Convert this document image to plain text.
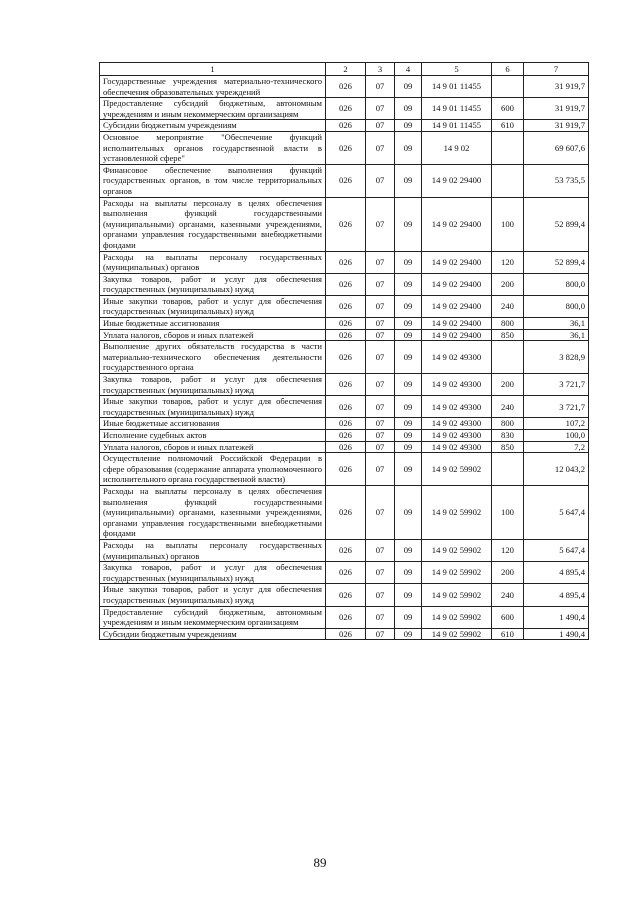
1	2	3	4	5	6	7
Государственные учреждения материально-технического обеспечения образовательных учреждений	026	07	09	14 9 01 11455		31 919,7
Предоставление субсидий бюджетным, автономным учреждениям и иным некоммерческим организациям	026	07	09	14 9 01 11455	600	31 919,7
Субсидии бюджетным учреждениям	026	07	09	14 9 01 11455	610	31 919,7
Основное мероприятие "Обеспечение функций исполнительных органов государственной власти в установленной сфере"	026	07	09	14 9 02		69 607,6
Финансовое обеспечение выполнения функций государственных органов, в том числе территориальных органов	026	07	09	14 9 02 29400		53 735,5
Расходы на выплаты персоналу в целях обеспечения выполнения функций государственными (муниципальными) органами, казенными учреждениями, органами управления государственными внебюджетными фондами	026	07	09	14 9 02 29400	100	52 899,4
Расходы на выплаты персоналу государственных (муниципальных) органов	026	07	09	14 9 02 29400	120	52 899,4
Закупка товаров, работ и услуг для обеспечения государственных (муниципальных) нужд	026	07	09	14 9 02 29400	200	800,0
Иные закупки товаров, работ и услуг для обеспечения государственных (муниципальных) нужд	026	07	09	14 9 02 29400	240	800,0
Иные бюджетные ассигнования	026	07	09	14 9 02 29400	800	36,1
Уплата налогов, сборов и иных платежей	026	07	09	14 9 02 29400	850	36,1
Выполнение других обязательств государства в части материально-технического обеспечения деятельности государственного органа	026	07	09	14 9 02 49300		3 828,9
Закупка товаров, работ и услуг для обеспечения государственных (муниципальных) нужд	026	07	09	14 9 02 49300	200	3 721,7
Иные закупки товаров, работ и услуг для обеспечения государственных (муниципальных) нужд	026	07	09	14 9 02 49300	240	3 721,7
Иные бюджетные ассигнования	026	07	09	14 9 02 49300	800	107,2
Исполнение судебных актов	026	07	09	14 9 02 49300	830	100,0
Уплата налогов, сборов и иных платежей	026	07	09	14 9 02 49300	850	7,2
Осуществление полномочий Российской Федерации в сфере образования (содержание аппарата уполномоченного исполнительного органа государственной власти)	026	07	09	14 9 02 59902		12 043,2
Расходы на выплаты персоналу в целях обеспечения выполнения функций государственными (муниципальными) органами, казенными учреждениями, органами управления государственными внебюджетными фондами	026	07	09	14 9 02 59902	100	5 647,4
Расходы на выплаты персоналу государственных (муниципальных) органов	026	07	09	14 9 02 59902	120	5 647,4
Закупка товаров, работ и услуг для обеспечения государственных (муниципальных) нужд	026	07	09	14 9 02 59902	200	4 895,4
Иные закупки товаров, работ и услуг для обеспечения государственных (муниципальных) нужд	026	07	09	14 9 02 59902	240	4 895,4
Предоставление субсидий бюджетным, автономным учреждениям и иным некоммерческим организациям	026	07	09	14 9 02 59902	600	1 490,4
Субсидии бюджетным учреждениям	026	07	09	14 9 02 59902	610	1 490,4
89
